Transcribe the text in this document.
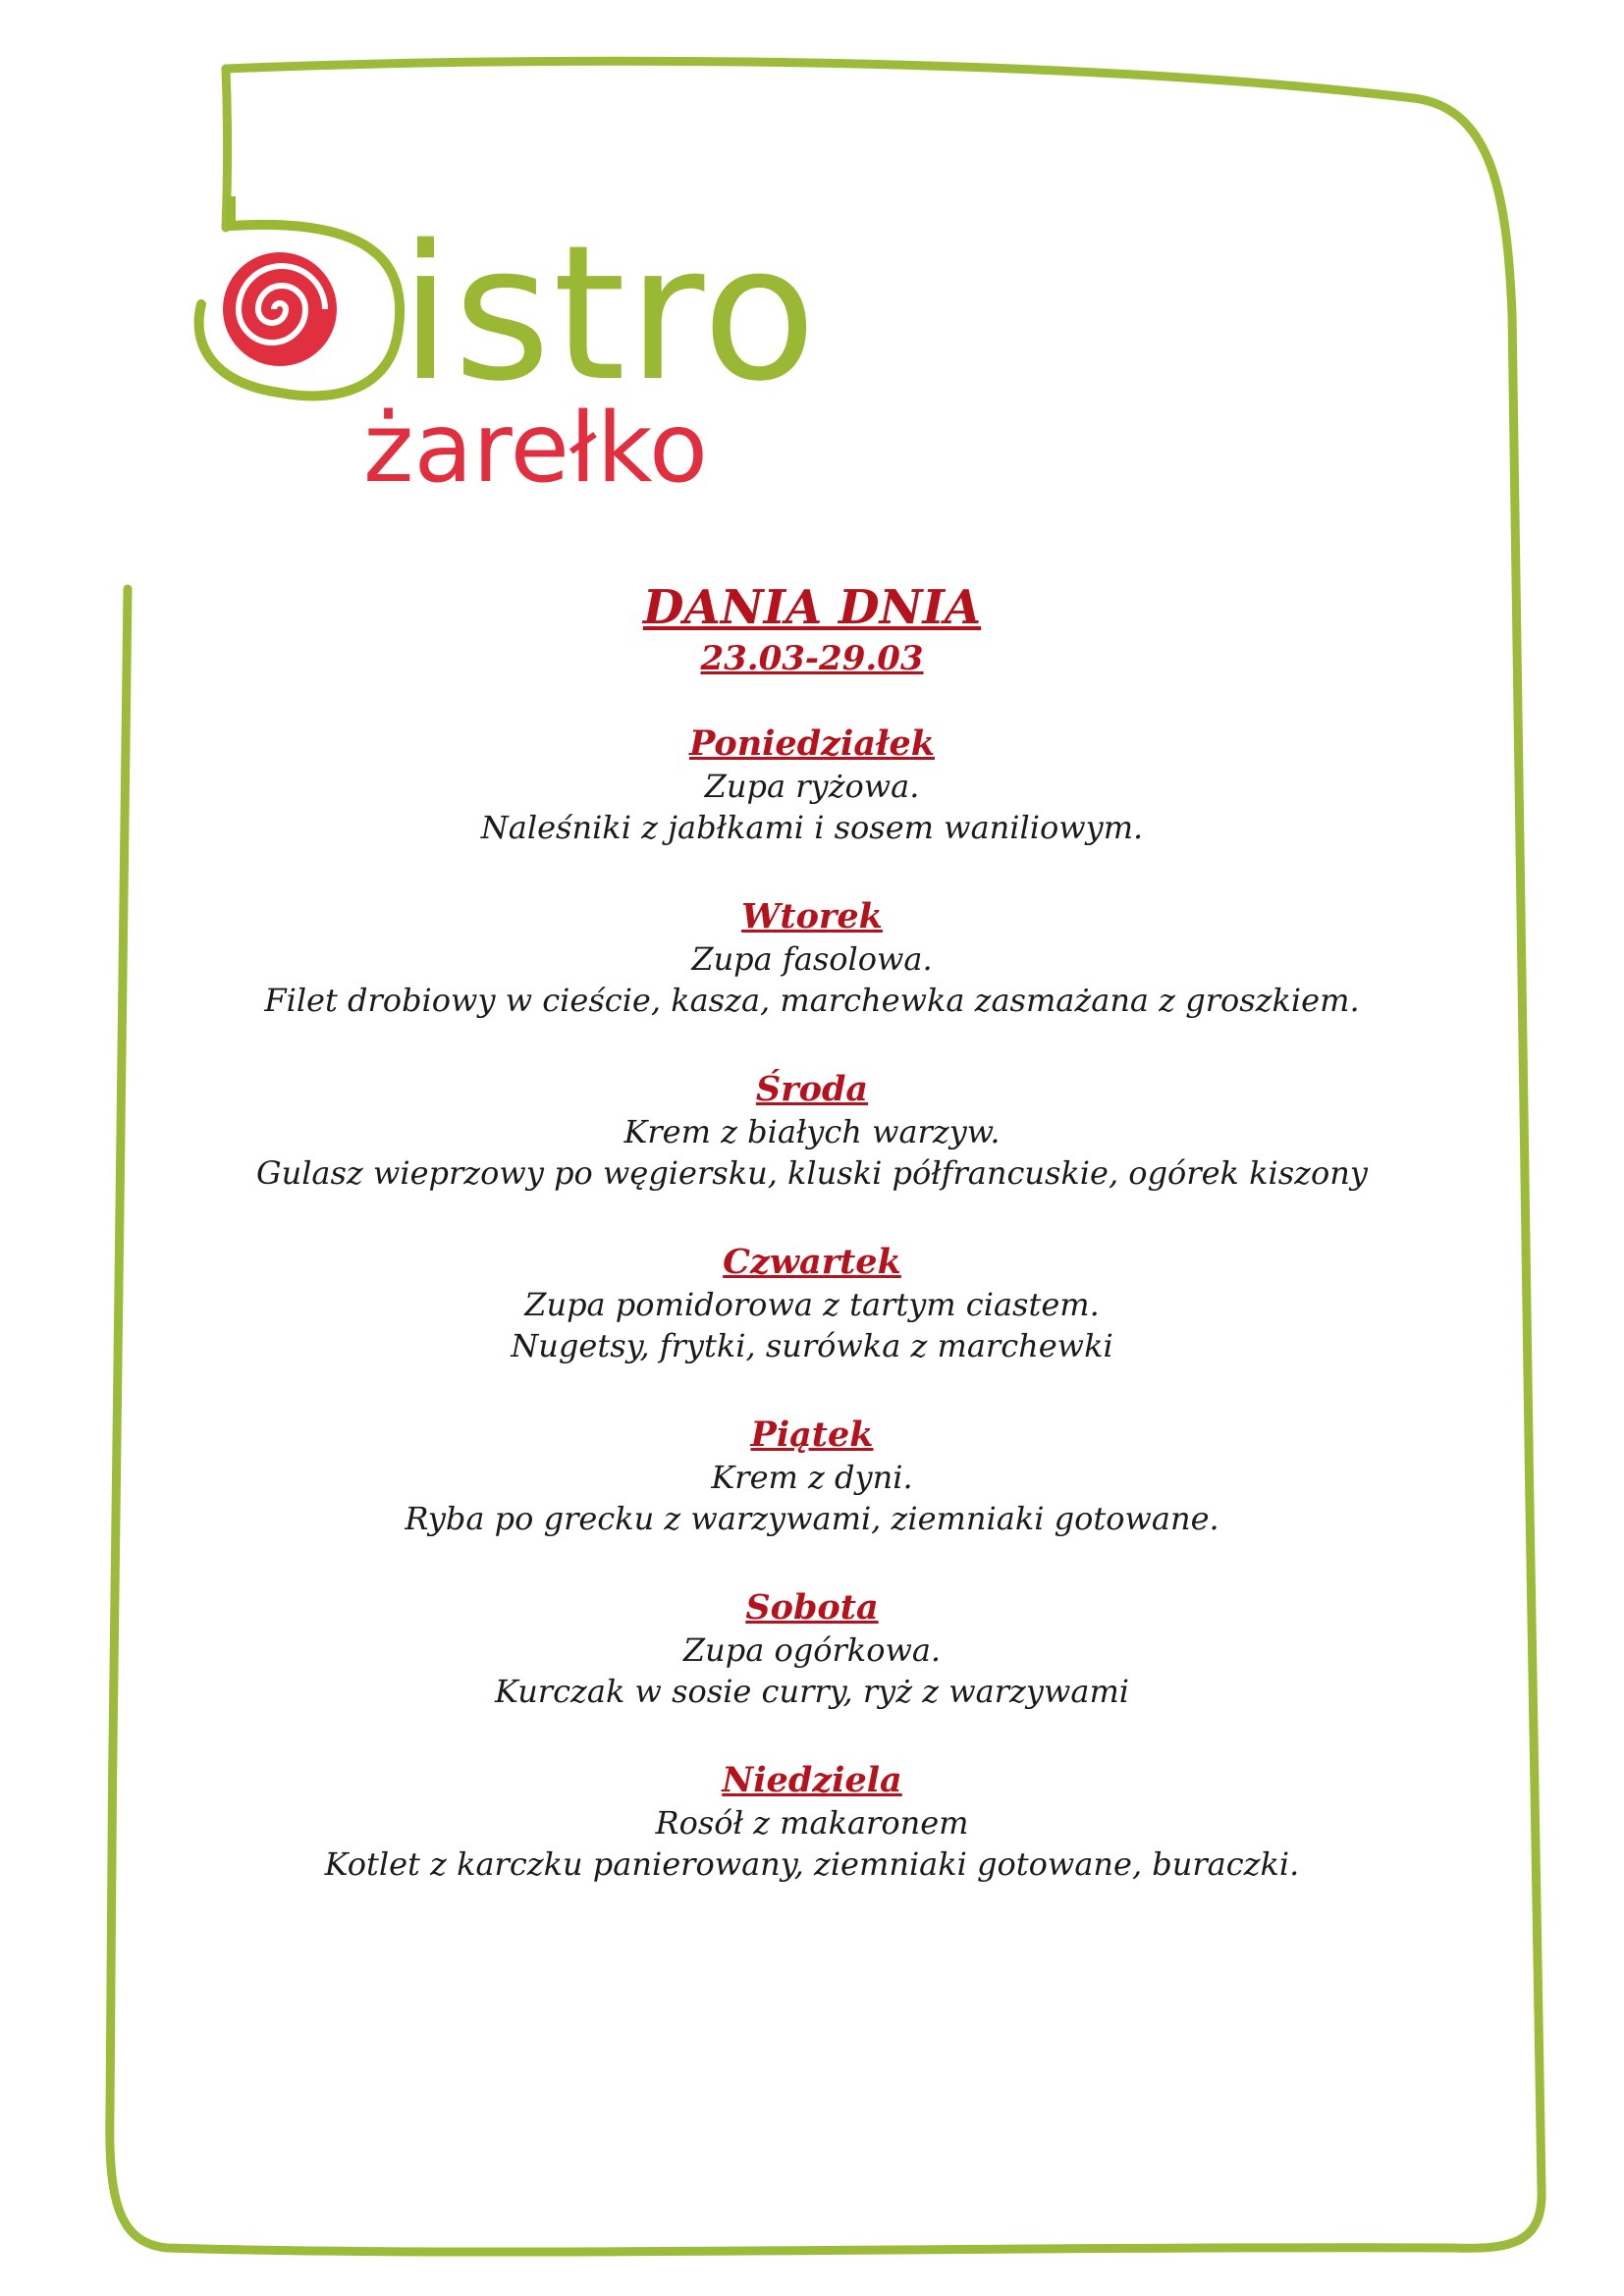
istro
żarełko

DANIA DNIA

23.03-29.03

Poniedziałek

Zupa ryżowa.

Naleśniki z jabłkami i sosem waniliowym.

Wtorek

Zupa fasolowa.

Filet drobiowy w cieście, kasza, marchewka zasmażana z groszkiem.

Środa

Krem z białych warzyw.

Gulasz wieprzowy po węgiersku, kluski półfrancuskie, ogórek kiszony

Czwartek

Zupa pomidorowa z tartym ciastem.

Nugetsy, frytki, surówka z marchewki

Piątek

Krem z dyni.

Ryba po grecku z warzywami, ziemniaki gotowane.

Sobota

Zupa ogórkowa.

Kurczak w sosie curry, ryż z warzywami

Niedziela

Rosół z makaronem

Kotlet z karczku panierowany, ziemniaki gotowane, buraczki.
